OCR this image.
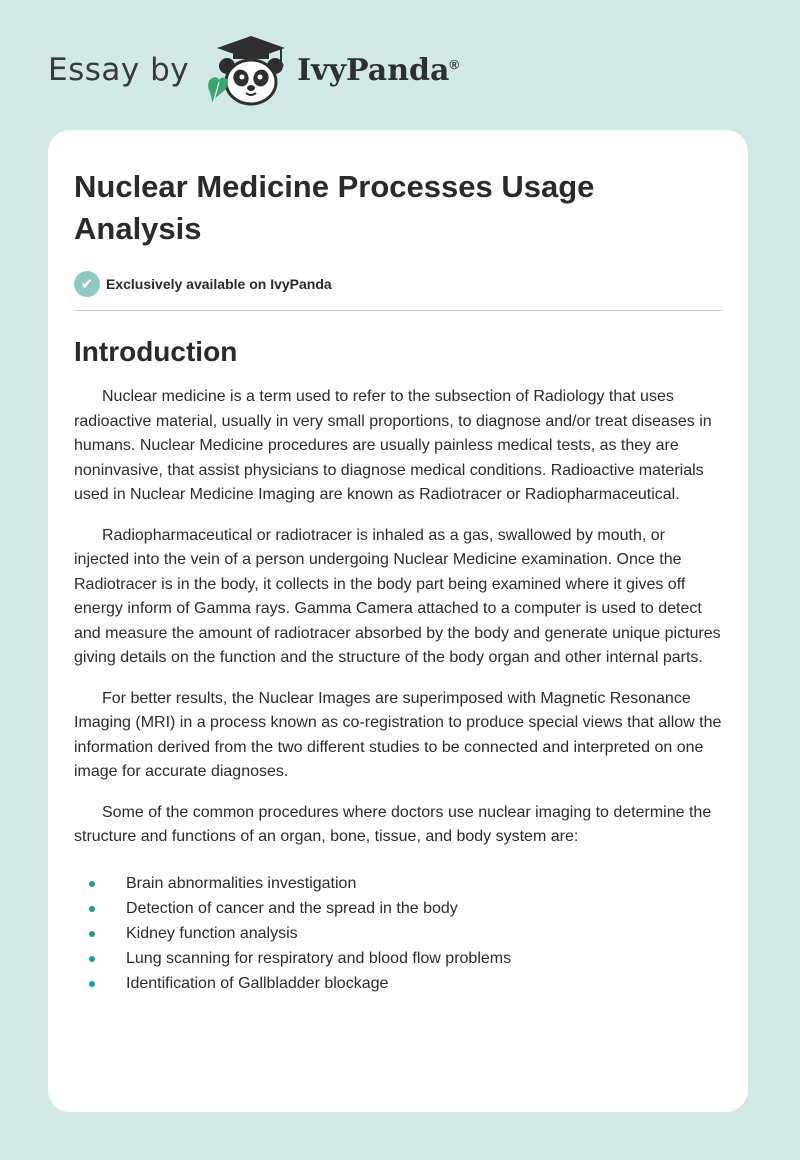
Essay by	IvyPanda®
Nuclear Medicine Processes Usage Analysis
✔ Exclusively available on IvyPanda
Introduction

Nuclear medicine is a term used to refer to the subsection of Radiology that uses radioactive material, usually in very small proportions, to diagnose and/or treat diseases in humans. Nuclear Medicine procedures are usually painless medical tests, as they are noninvasive, that assist physicians to diagnose medical conditions. Radioactive materials used in Nuclear Medicine Imaging are known as Radiotracer or Radiopharmaceutical.

Radiopharmaceutical or radiotracer is inhaled as a gas, swallowed by mouth, or injected into the vein of a person undergoing Nuclear Medicine examination. Once the Radiotracer is in the body, it collects in the body part being examined where it gives off energy inform of Gamma rays. Gamma Camera attached to a computer is used to detect and measure the amount of radiotracer absorbed by the body and generate unique pictures giving details on the function and the structure of the body organ and other internal parts.

For better results, the Nuclear Images are superimposed with Magnetic Resonance Imaging (MRI) in a process known as co-registration to produce special views that allow the information derived from the two different studies to be connected and interpreted on one image for accurate diagnoses.

Some of the common procedures where doctors use nuclear imaging to determine the structure and functions of an organ, bone, tissue, and body system are:

Brain abnormalities investigation
Detection of cancer and the spread in the body
Kidney function analysis
Lung scanning for respiratory and blood flow problems
Identification of Gallbladder blockage
